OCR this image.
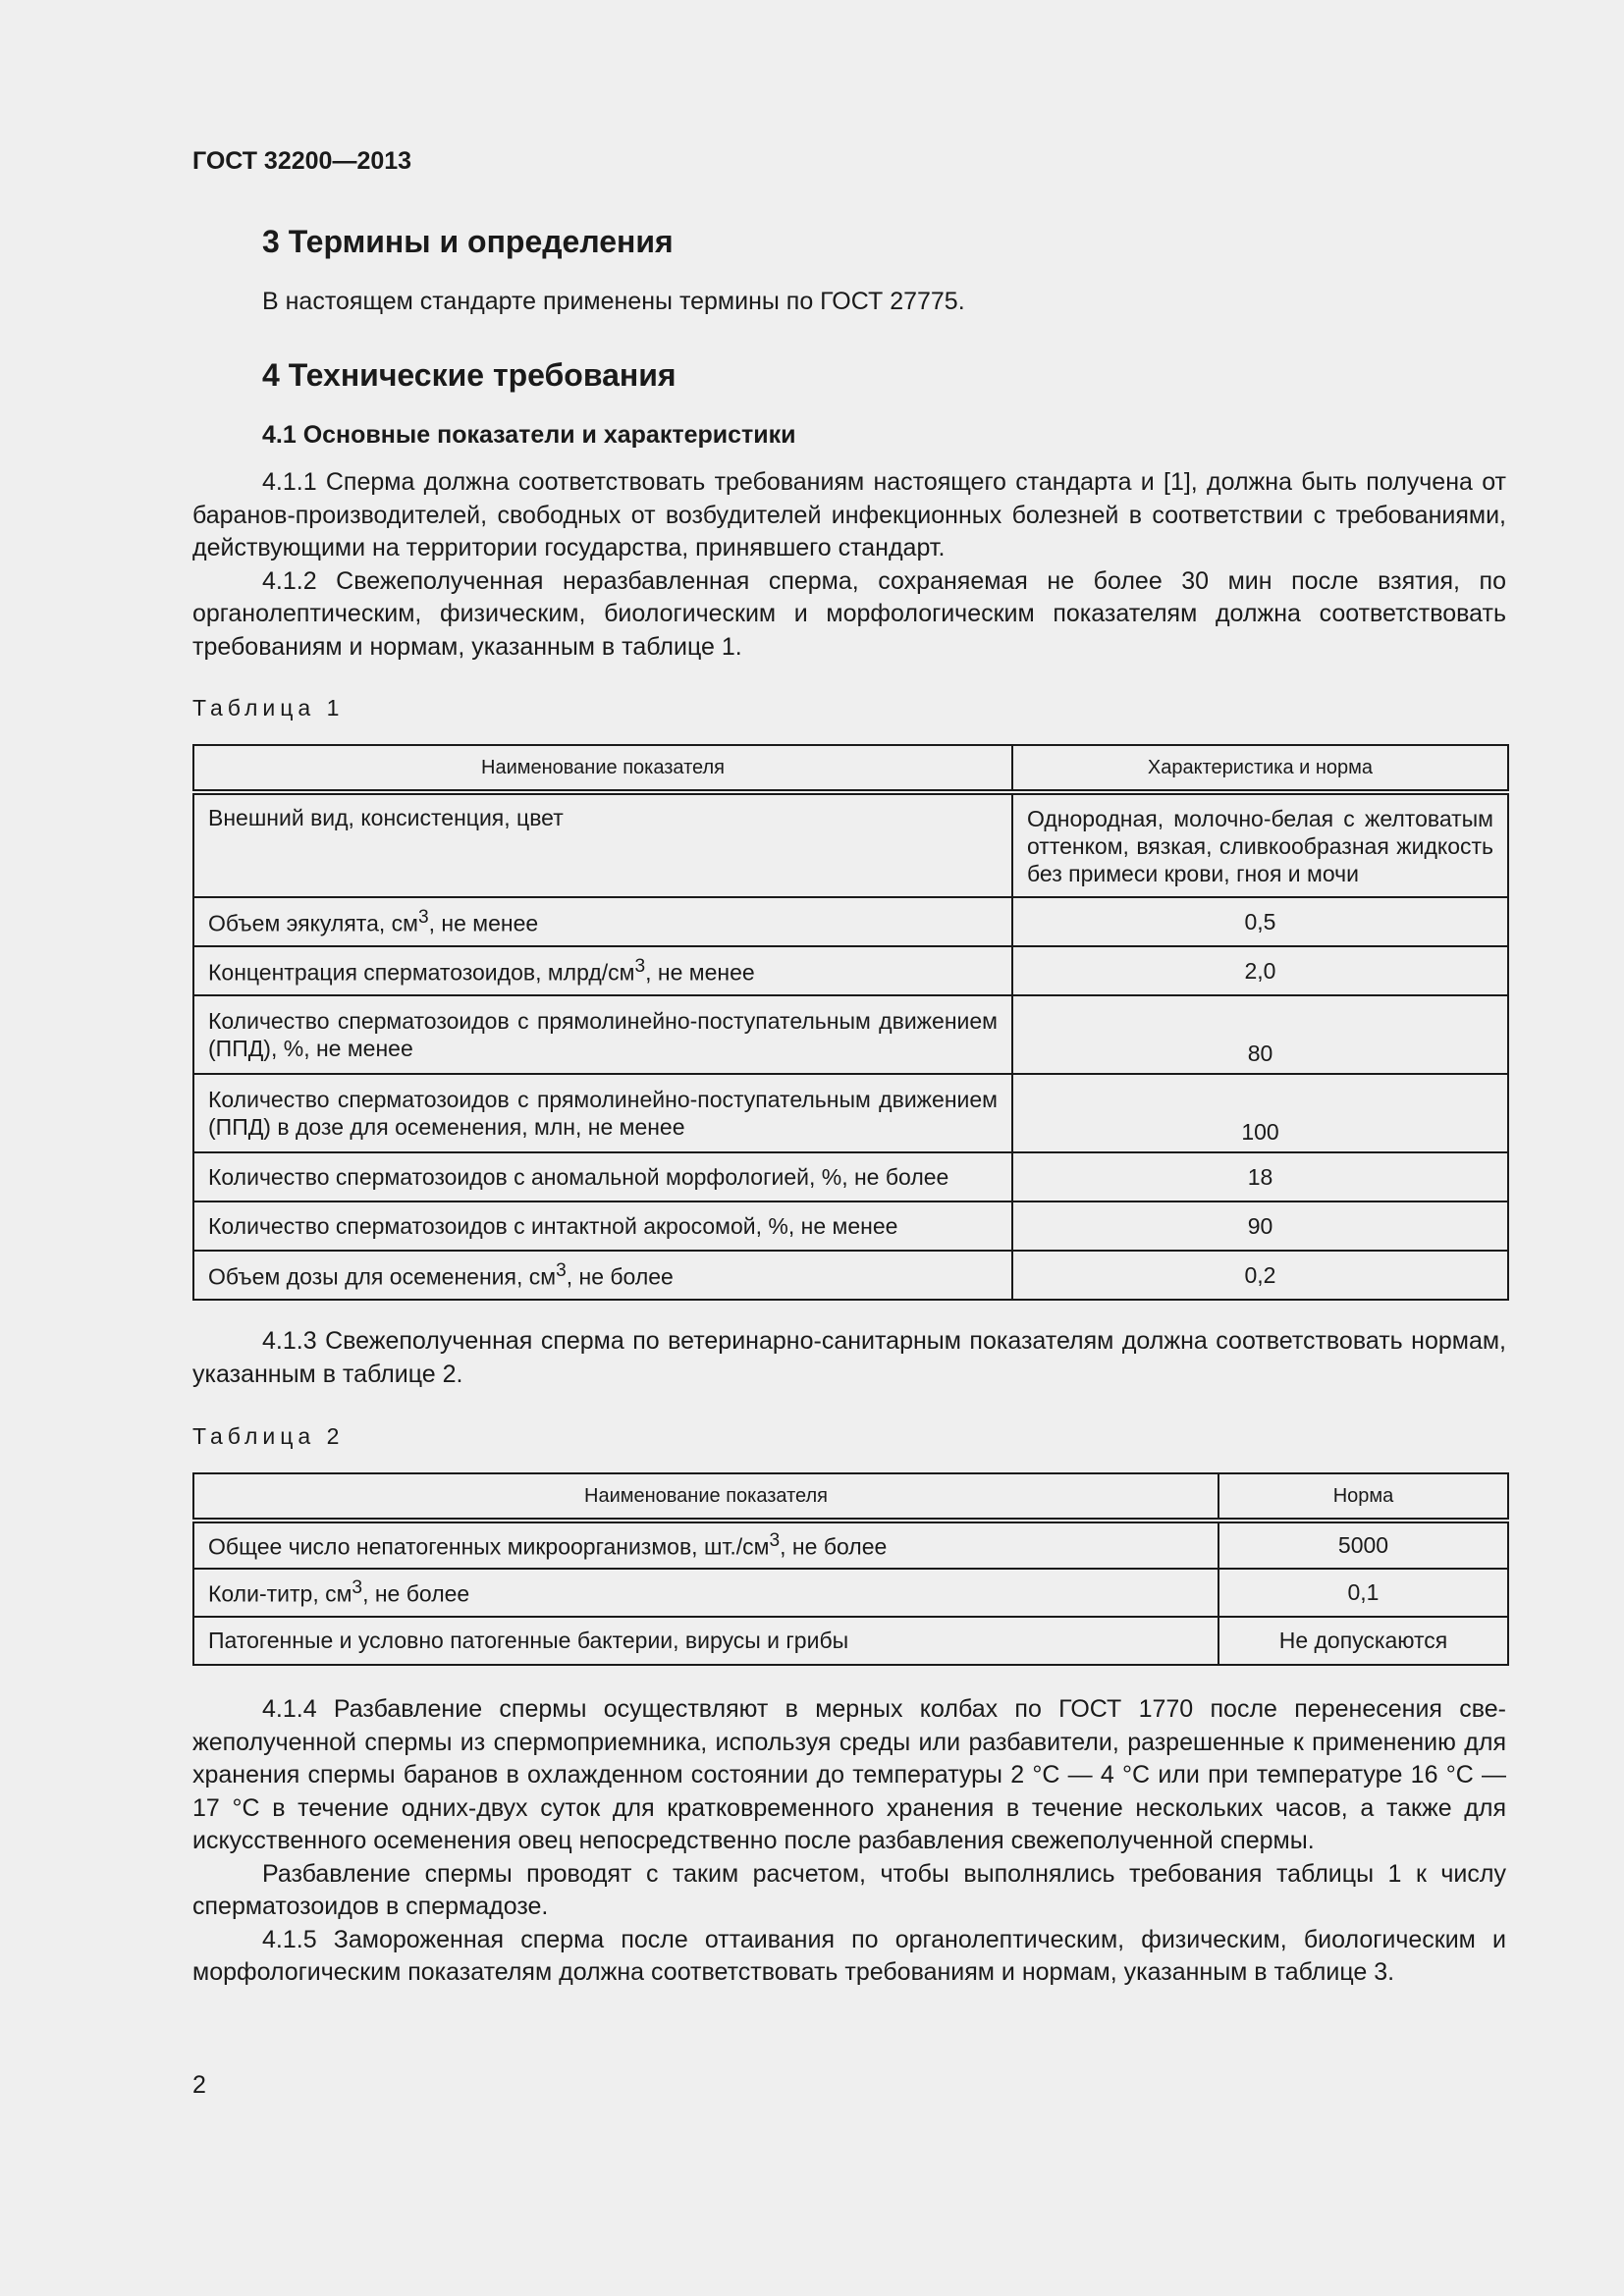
ГОСТ 32200—2013
3 Термины и определения
В настоящем стандарте применены термины по ГОСТ 27775.
4 Технические требования
4.1 Основные показатели и характеристики

4.1.1 Сперма должна соответствовать требованиям настоящего стандарта и [1], должна быть получена от баранов-производителей, свободных от возбудителей инфекционных болезней в соответствии с требованиями, действующими на территории государства, принявшего стандарт.

4.1.2 Свежеполученная неразбавленная сперма, сохраняемая не более 30 мин после взятия, по органолептическим, физическим, биологическим и морфологическим показателям должна соответствовать требованиям и нормам, указанным в таблице 1.

Таблица 1
Наименование показателя	Характеристика и норма
Внешний вид, консистенция, цвет	Однородная, молочно-белая с желтоватым оттенком, вязкая, сливкообразная жидкость без примеси крови, гноя и мочи
Объем эякулята, $см^3$, не менее	0,5
Концентрация сперматозоидов, млрд/$см^3$, не менее	2,0
Количество сперматозоидов с прямолинейно-поступательным движением (ППД), %, не менее	80
Количество сперматозоидов с прямолинейно-поступательным движением (ППД) в дозе для осеменения, млн, не менее	100
Количество сперматозоидов с аномальной морфологией, %, не более	18
Количество сперматозоидов с интактной акросомой, %, не менее	90
Объем дозы для осеменения, $см^3$, не более	0,2

4.1.3 Свежеполученная сперма по ветеринарно-санитарным показателям должна соответствовать нормам, указанным в таблице 2.

Таблица 2
Наименование показателя	Норма
Общее число непатогенных микроорганизмов, $шт./см^3$, не более	5000
Коли-титр, $см^3$, не более	0,1
Патогенные и условно патогенные бактерии, вирусы и грибы	Не допускаются

4.1.4 Разбавление спермы осуществляют в мерных колбах по ГОСТ 1770 после перенесения свежеполученной спермы из спермоприемника, используя среды или разбавители, разрешенные к применению для хранения спермы баранов в охлажденном состоянии до температуры 2 °С — 4 °С или при температуре 16 °С — 17 °С в течение одних-двух суток для кратковременного хранения в течение нескольких часов, а также для искусственного осеменения овец непосредственно после разбавления свежеполученной спермы.

Разбавление спермы проводят с таким расчетом, чтобы выполнялись требования таблицы 1 к числу сперматозоидов в спермадозе.

4.1.5 Замороженная сперма после оттаивания по органолептическим, физическим, биологическим и морфологическим показателям должна соответствовать требованиям и нормам, указанным в таблице 3.

2
